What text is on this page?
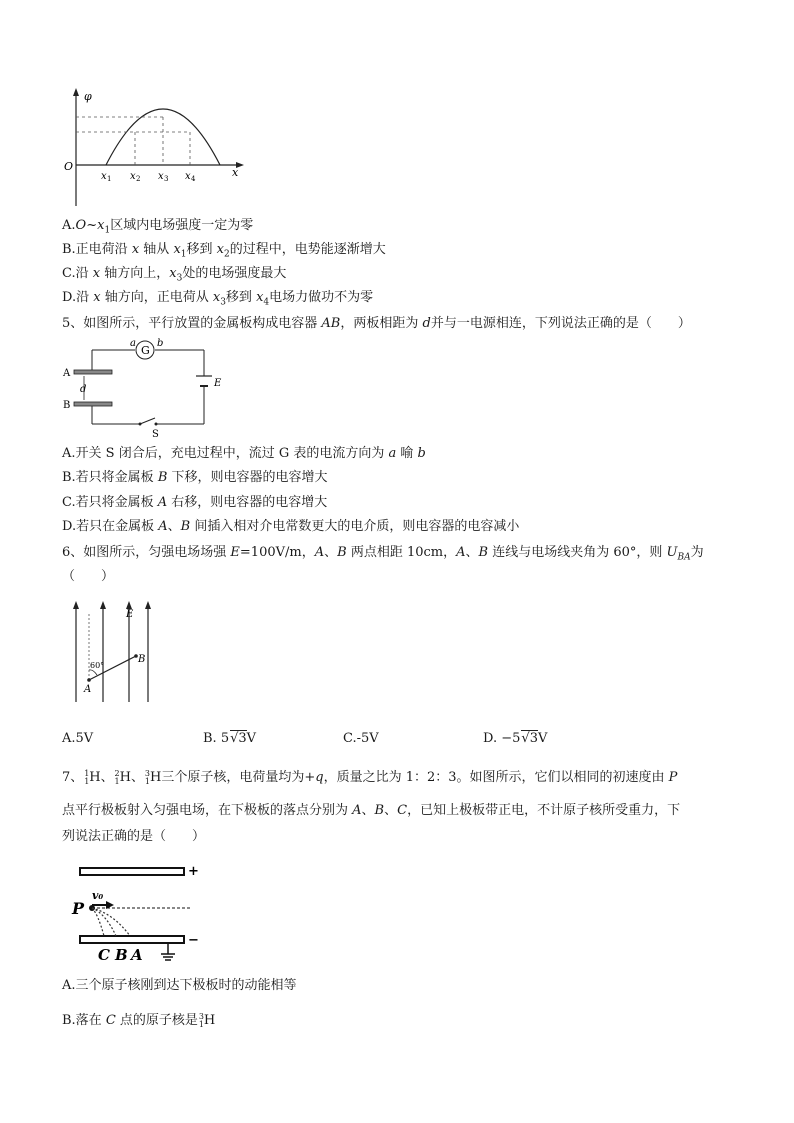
φ
O	x
x x x x
1	2	3	4
$A.O\sim x_1$区域内电场强度一定为零
B.正电荷沿 x 轴从 $x_1$移到 $x_2$的过程中，电势能逐渐增大
C.沿 x 轴方向上，$x_3$处的电场强度最大
D.沿 x 轴方向，正电荷从 $x_3$移到 $x_4$电场力做功不为零
5、如图所示，平行放置的金属板构成电容器 AB，两板相距为 d并与一电源相连，下列说法正确的是（　　）
G
a b
E
A
B
d
S
A.开关 S 闭合后，充电过程中，流过 G 表的电流方向为 a 喻 b
B.若只将金属板 B 下移，则电容器的电容增大
C.若只将金属板 A 右移，则电容器的电容增大
D.若只在金属板 A、B 间插入相对介电常数更大的电介质，则电容器的电容减小
6、如图所示，匀强电场场强 E=100V/m，A、B 两点相距 10cm，A、B 连线与电场线夹角为 60°，则 $U_{BA}$为
（　　）
60°
E
B
A
A.5V	B. 5√3V	C.-5V	D. −5√3V
7、1
1H、2
1H、3
1H三个原子核，电荷量均为+q，质量之比为 1：2：3。如图所示，它们以相同的初速度由 P
点平行极板射入匀强电场，在下极板的落点分别为 A、B、C，已知上极板带正电，不计原子核所受重力，下
列说法正确的是（　　）
+
−
P
v₀
C B A
A.三个原子核刚到达下极板时的动能相等
B.落在 C 点的原子核是3
1H
